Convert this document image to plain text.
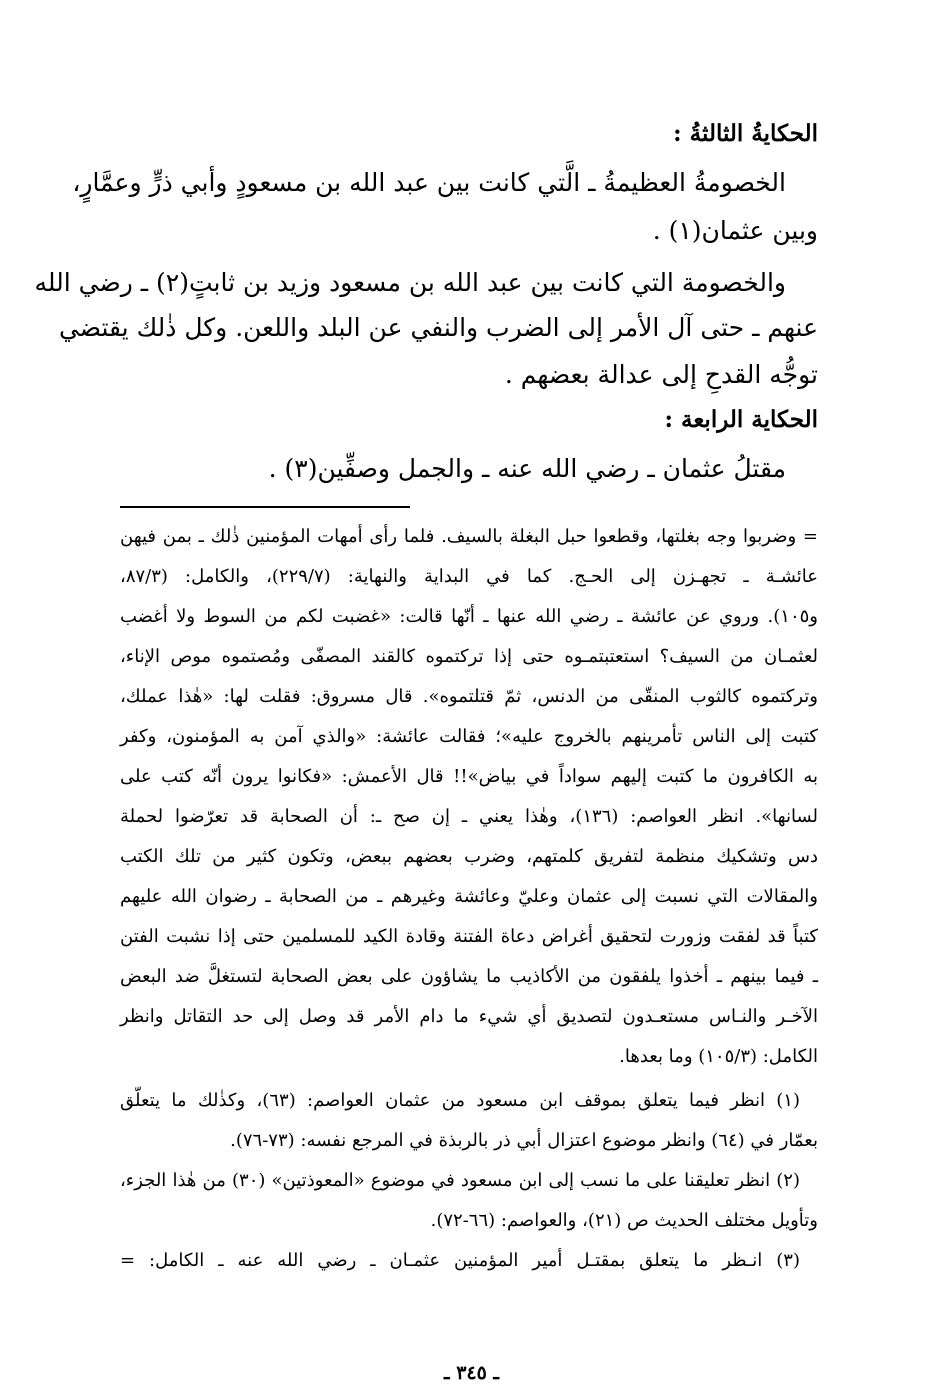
الحكايةُ الثالثةُ :
الخصومةُ العظيمةُ ـ الَّتي كانت بين عبد الله بن مسعودٍ وأبي ذرٍّ وعمَّارٍ،
وبين عثمان(١) .
والخصومة التي كانت بين عبد الله بن مسعود وزيد بن ثابتٍ(٢) ـ رضي الله
عنهم ـ حتى آل الأمر إلى الضرب والنفي عن البلد واللعن. وكل ذٰلك يقتضي
توجُّه القدحِ إلى عدالة بعضهم .
الحكاية الرابعة :
مقتلُ عثمان ـ رضي الله عنه ـ والجمل وصفِّين(٣) .
= وضربوا وجه بغلتها، وقطعوا حبل البغلة بالسيف. فلما رأى أمهات المؤمنين ذٰلك ـ بمن فيهن
عائشـة ـ تجهـزن إلى الحـج. كما في البداية والنهاية: (٢٢٩/٧)، والكامل: (٨٧/٣،
و١٠٥). وروي عن عائشة ـ رضي الله عنها ـ أنّها قالت: «غضبت لكم من السوط ولا أغضب
لعثمـان من السيف؟ استعتبتمـوه حتى إذا تركتموه كالقند المصفّى ومُصتموه موص الإناء،
وتركتموه كالثوب المنقّى من الدنس، ثمّ قتلتموه». قال مسروق: فقلت لها: «هٰذا عملك،
كتبت إلى الناس تأمرينهم بالخروج عليه»؛ فقالت عائشة: «والذي آمن به المؤمنون، وكفر
به الكافرون ما كتبت إليهم سواداً في بياض»!! قال الأعمش: «فكانوا يرون أنّه كتب على
لسانها». انظر العواصم: (١٣٦)، وهٰذا يعني ـ إن صح ـ: أن الصحابة قد تعرّضوا لحملة
دس وتشكيك منظمة لتفريق كلمتهم، وضرب بعضهم ببعض، وتكون كثير من تلك الكتب
والمقالات التي نسبت إلى عثمان وعليّ وعائشة وغيرهم ـ من الصحابة ـ رضوان الله عليهم
كتباً قد لفقت وزورت لتحقيق أغراض دعاة الفتنة وقادة الكيد للمسلمين حتى إذا نشبت الفتن
ـ فيما بينهم ـ أخذوا يلفقون من الأكاذيب ما يشاؤون على بعض الصحابة لتستغلَّ ضد البعض
الآخـر والنـاس مستعـدون لتصديق أي شيء ما دام الأمر قد وصل إلى حد التقاتل وانظر
الكامل: (١٠٥/٣) وما بعدها.
(١) انظر فيما يتعلق بموقف ابن مسعود من عثمان العواصم: (٦٣)، وكذٰلك ما يتعلّق
بعمّار في (٦٤) وانظر موضوع اعتزال أبي ذر بالربذة في المرجع نفسه: (٧٣-٧٦).
(٢) انظر تعليقنا على ما نسب إلى ابن مسعود في موضوع «المعوذتين» (٣٠) من هٰذا الجزء،
وتأويل مختلف الحديث ص (٢١)، والعواصم: (٦٦-٧٢).
(٣) انـظر ما يتعلق بمقتـل أمير المؤمنين عثمـان ـ رضي الله عنه ـ الكامل: =
ـ ٣٤٥ ـ
